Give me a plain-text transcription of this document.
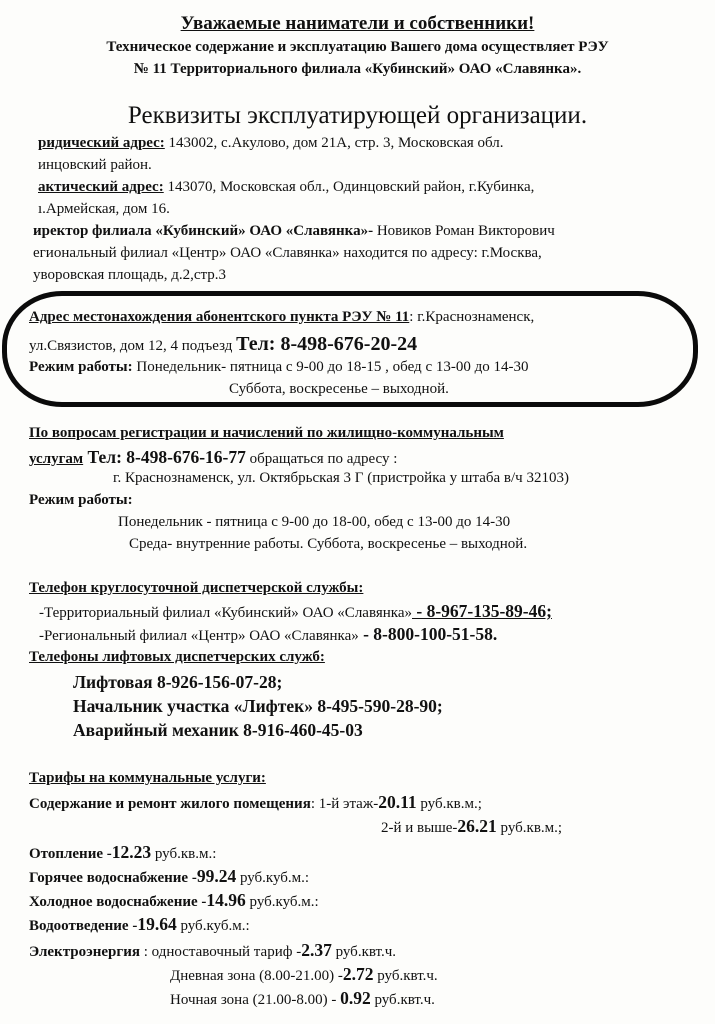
Уважаемые наниматели и собственники!
Техническое содержание и эксплуатацию Вашего дома осуществляет РЭУ
№ 11 Территориального филиала «Кубинский» ОАО «Славянка».
Реквизиты эксплуатирующей организации.
ридический адрес: 143002, с.Акулово, дом 21А, стр. 3, Московская обл.
инцовский район.
актический адрес: 143070, Московская обл., Одинцовский район, г.Кубинка,
ı.Армейская, дом 16.
иректор филиала «Кубинский» ОАО «Славянка»- Новиков Роман Викторович
егиональный филиал «Центр» ОАО «Славянка» находится по адресу: г.Москва,
уворовская площадь, д.2,стр.3
Адрес местонахождения абонентского пункта РЭУ № 11: г.Краснознаменск,
ул.Связистов, дом 12, 4 подъезд Тел: 8-498-676-20-24
Режим работы: Понедельник- пятница с 9-00 до 18-15 , обед с 13-00 до 14-30
Суббота, воскресенье – выходной.
По вопросам регистрации и начислений по жилищно-коммунальным
услугам Тел: 8-498-676-16-77 обращаться по адресу :
г. Краснознаменск, ул. Октябрьская 3 Г (пристройка у штаба в/ч 32103)
Режим работы:
Понедельник - пятница с 9-00 до 18-00, обед с 13-00 до 14-30
Среда- внутренние работы. Суббота, воскресенье – выходной.
Телефон круглосуточной диспетчерской службы:
-Территориальный филиал «Кубинский» ОАО «Славянка» - 8-967-135-89-46;
-Региональный филиал «Центр» ОАО «Славянка» - 8-800-100-51-58.
Телефоны лифтовых диспетчерских служб:
Лифтовая 8-926-156-07-28;
Начальник участка «Лифтек» 8-495-590-28-90;
Аварийный механик 8-916-460-45-03
Тарифы на коммунальные услуги:
Содержание и ремонт жилого помещения: 1-й этаж-20.11 руб.кв.м.;
2-й и выше-26.21 руб.кв.м.;
Отопление -12.23 руб.кв.м.:
Горячее водоснабжение -99.24 руб.куб.м.:
Холодное водоснабжение -14.96 руб.куб.м.:
Водоотведение -19.64 руб.куб.м.:
Электроэнергия : одноставочный тариф -2.37 руб.квт.ч.
Дневная зона (8.00-21.00) -2.72 руб.квт.ч.
Ночная зона (21.00-8.00) - 0.92 руб.квт.ч.
